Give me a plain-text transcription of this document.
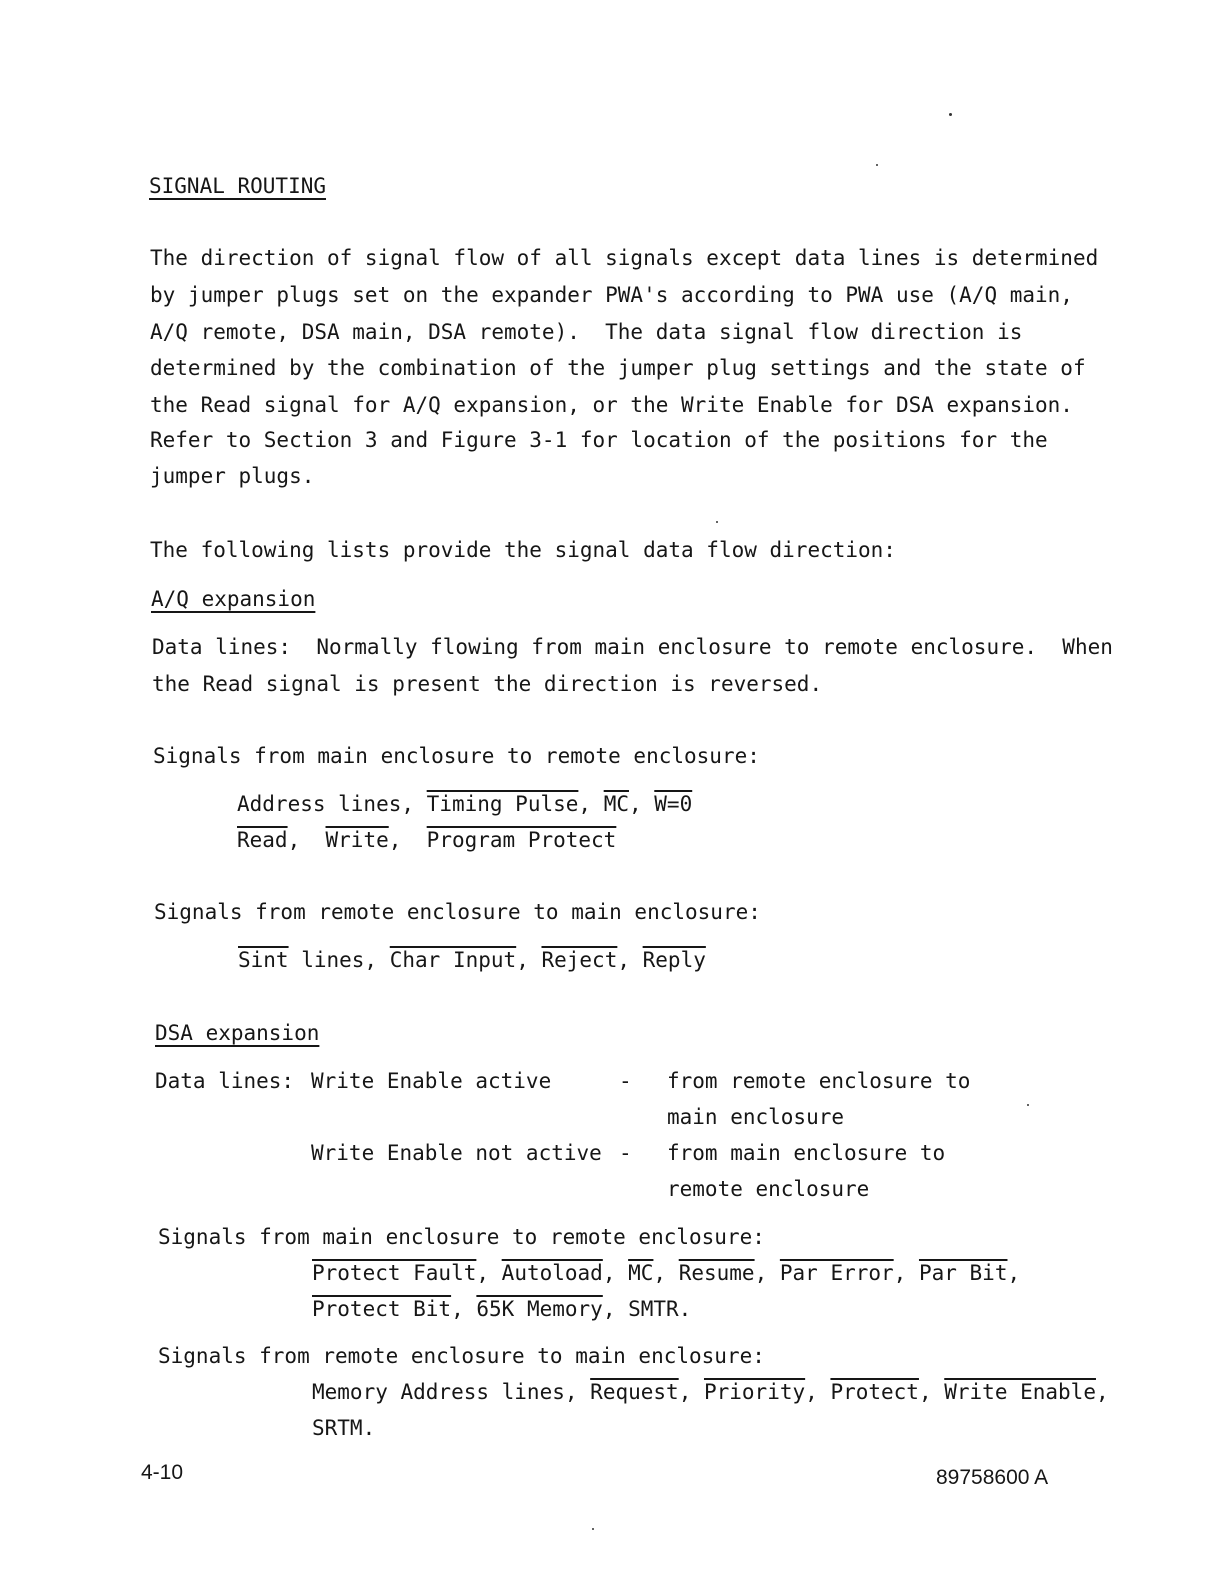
SIGNAL ROUTING
The direction of signal flow of all signals except data lines is determined
by jumper plugs set on the expander PWA's according to PWA use (A/Q main,
A/Q remote, DSA main, DSA remote).  The data signal flow direction is
determined by the combination of the jumper plug settings and the state of
the Read signal for A/Q expansion, or the Write Enable for DSA expansion.
Refer to Section 3 and Figure 3-1 for location of the positions for the
jumper plugs.
The following lists provide the signal data flow direction:
A/Q expansion
Data lines:  Normally flowing from main enclosure to remote enclosure.  When
the Read signal is present the direction is reversed.
Signals from main enclosure to remote enclosure:
Address lines, Timing Pulse, $\overline{MC}$, W=0
Read,  Write,  Program Protect
Signals from remote enclosure to main enclosure:
Sint lines, Char Input, Reject, Reply
DSA expansion
Data lines: Write Enable active	- from remote enclosure to
main enclosure
Write Enable not active - from main enclosure to
remote enclosure
Signals from main enclosure to remote enclosure:
Protect Fault, Autoload, $\overline{MC}$, Resume, Par Error, Par Bit,
Protect Bit, 65K Memory, SMTR.
Signals from remote enclosure to main enclosure:
Memory Address lines, Request, Priority, Protect, Write Enable,
SRTM.
4-10	89758600 A
